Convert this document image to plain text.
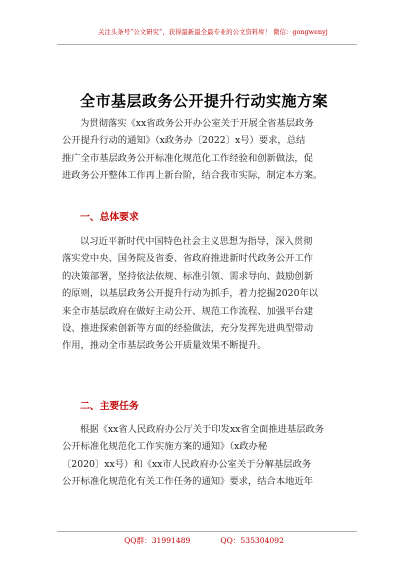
关注头条号“公文研究”，获得最新最全最专业的公文资料库！ 微信：gongwenyj
全市基层政务公开提升行动实施方案
为贯彻落实《xx省政务公开办公室关于开展全省基层政务
公开提升行动的通知》（x政务办〔2022〕x号）要求，总结
推广全市基层政务公开标准化规范化工作经验和创新做法，促
进政务公开整体工作再上新台阶，结合我市实际，制定本方案。
一、总体要求
以习近平新时代中国特色社会主义思想为指导，深入贯彻
落实党中央、国务院及省委、省政府推进新时代政务公开工作
的决策部署，坚持依法依规、标准引领、需求导向、鼓励创新
的原则，以基层政务公开提升行动为抓手，着力挖掘2020年以
来全市基层政府在做好主动公开、规范工作流程、加强平台建
设、推进探索创新等方面的经验做法，充分发挥先进典型带动
作用，推动全市基层政务公开质量效果不断提升。
二、主要任务
根据《xx省人民政府办公厅关于印发xx省全面推进基层政务
公开标准化规范化工作实施方案的通知》（x政办秘
〔2020〕xx号）和《xx市人民政府办公室关于分解基层政务
公开标准化规范化有关工作任务的通知》要求，结合本地近年
QQ群：31991489	QQ：535304092
